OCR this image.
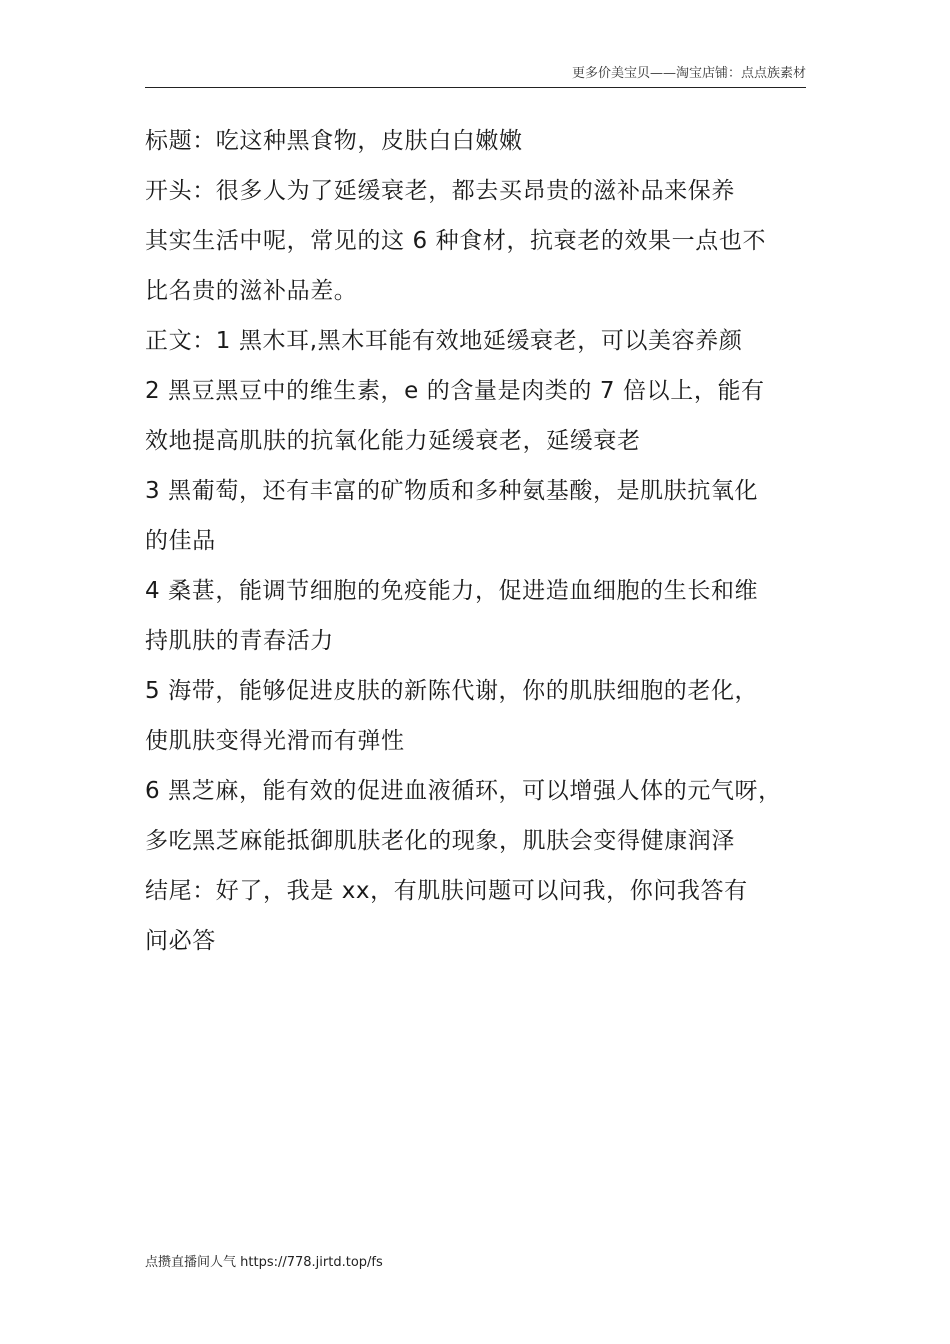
更多价美宝贝——淘宝店铺：点点族素材
标题：吃这种黑食物，皮肤白白嫩嫩
开头：很多人为了延缓衰老，都去买昂贵的滋补品来保养
其实生活中呢，常见的这 6 种食材，抗衰老的效果一点也不
比名贵的滋补品差。
正文：1 黑木耳,黑木耳能有效地延缓衰老，可以美容养颜
2 黑豆黑豆中的维生素，e 的含量是肉类的 7 倍以上，能有
效地提高肌肤的抗氧化能力延缓衰老，延缓衰老
3 黑葡萄，还有丰富的矿物质和多种氨基酸，是肌肤抗氧化
的佳品
4 桑葚，能调节细胞的免疫能力，促进造血细胞的生长和维
持肌肤的青春活力
5 海带，能够促进皮肤的新陈代谢，你的肌肤细胞的老化，
使肌肤变得光滑而有弹性
6 黑芝麻，能有效的促进血液循环，可以增强人体的元气呀，
多吃黑芝麻能抵御肌肤老化的现象，肌肤会变得健康润泽
结尾：好了，我是 xx，有肌肤问题可以问我，你问我答有
问必答
点攒直播间人气 https://778.jirtd.top/fs
